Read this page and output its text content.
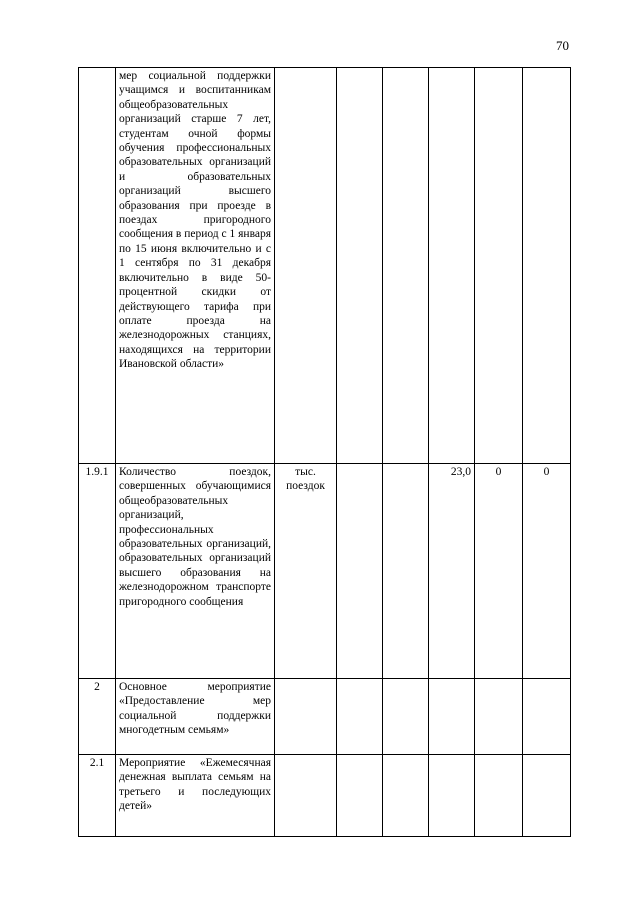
70
	мер социальной поддержки учащимся и воспитанникам общеобразовательных организаций старше 7 лет, студентам очной формы обучения профессиональных образовательных организаций и образовательных организаций высшего образования при проезде в поездах пригородного сообщения в период с 1 января по 15 июня включительно и с 1 сентября по 31 декабря включительно в виде 50-процентной скидки от действующего тарифа при оплате проезда на железнодорожных станциях, находящихся на территории Ивановской области»						
1.9.1	Количество поездок, совершенных обучающимися общеобразовательных организаций, профессиональных образовательных организаций, образовательных организаций высшего образования на железнодорожном транспорте пригородного сообщения	тыс. поездок			23,0	0	0
2	Основное мероприятие «Предоставление мер социальной поддержки многодетным семьям»						
2.1	Мероприятие «Ежемесячная денежная выплата семьям на третьего и последующих детей»						
